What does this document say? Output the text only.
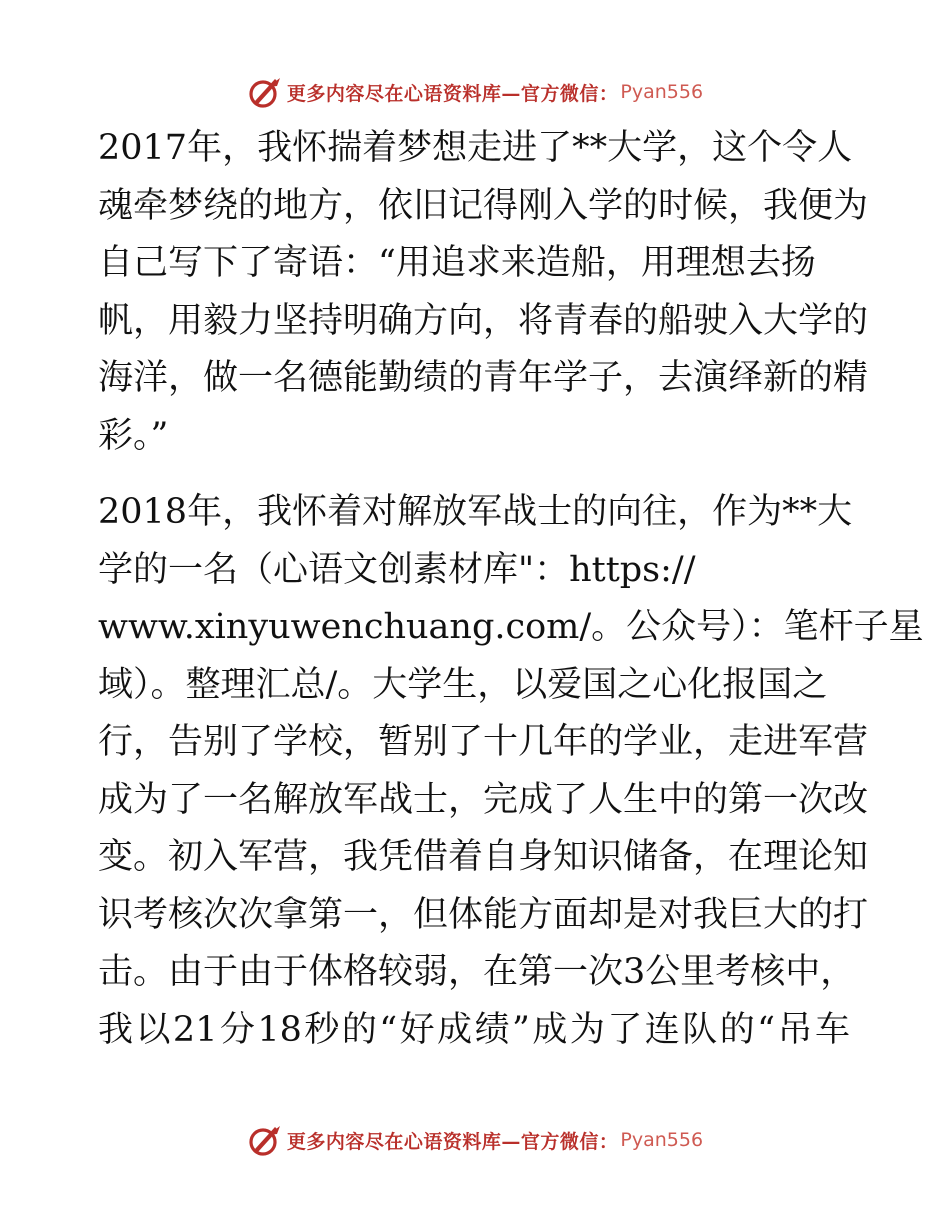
更多内容尽在心语资料库—官方微信： Pyan556
2017年，我怀揣着梦想走进了**大学，这个令人
魂牵梦绕的地方，依旧记得刚入学的时候，我便为
自己写下了寄语：“用追求来造船，用理想去扬
帆，用毅力坚持明确方向，将青春的船驶入大学的
海洋，做一名德能勤绩的青年学子，去演绎新的精
彩。”
2018年，我怀着对解放军战士的向往，作为**大
学的一名（心语文创素材库"：https://
www.xinyuwenchuang.com/。公众号）：笔杆子星
域）。整理汇总/。大学生，以爱国之心化报国之
行，告别了学校，暂别了十几年的学业，走进军营
成为了一名解放军战士，完成了人生中的第一次改
变。初入军营，我凭借着自身知识储备，在理论知
识考核次次拿第一，但体能方面却是对我巨大的打
击。由于由于体格较弱，在第一次3公里考核中，
我以21分18秒的“好成绩”成为了连队的“吊车
更多内容尽在心语资料库—官方微信： Pyan556
